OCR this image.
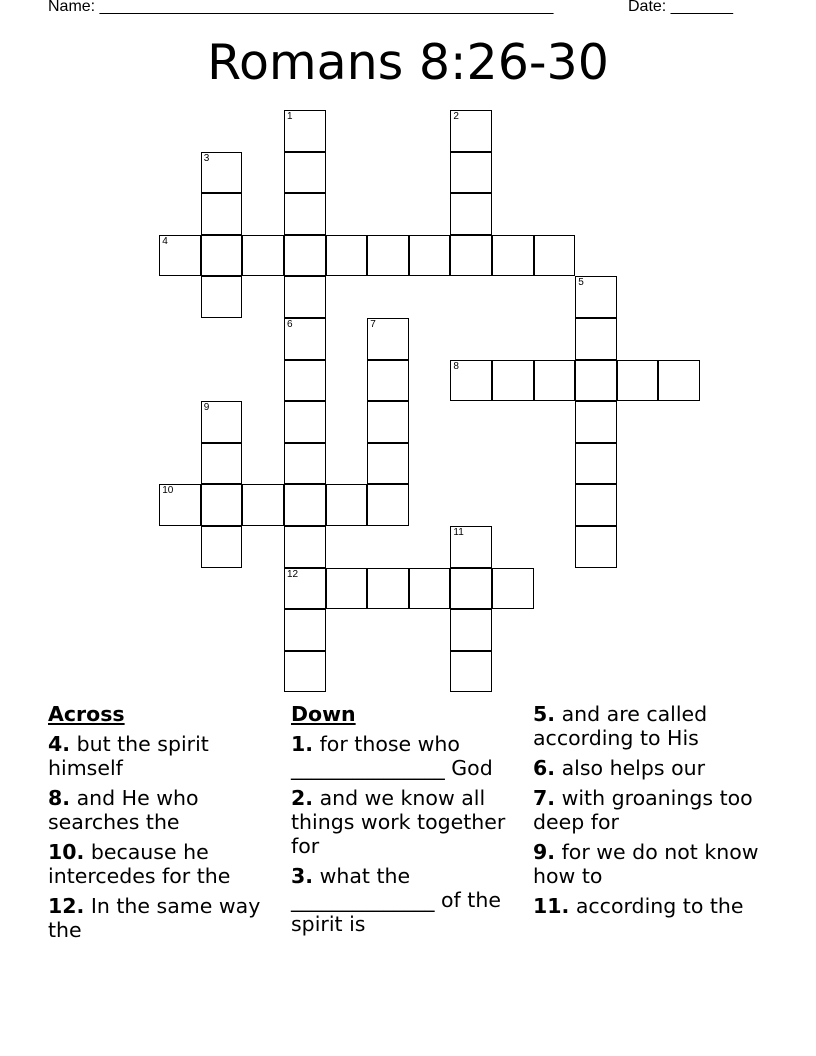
Name: ___________________________________________________	Date: _______
Romans 8:26-30
1
6
2
3
4
5
12
7
8
9
10
11
Across
4. but the spirit himself
8. and He who searches the
10. because he intercedes for the
12. In the same way the
Down
1. for those who _______________ God
2. and we know all things work together for
3. what the ______________ of the spirit is
5. and are called according to His
6. also helps our
7. with groanings too deep for
9. for we do not know how to
11. according to the
